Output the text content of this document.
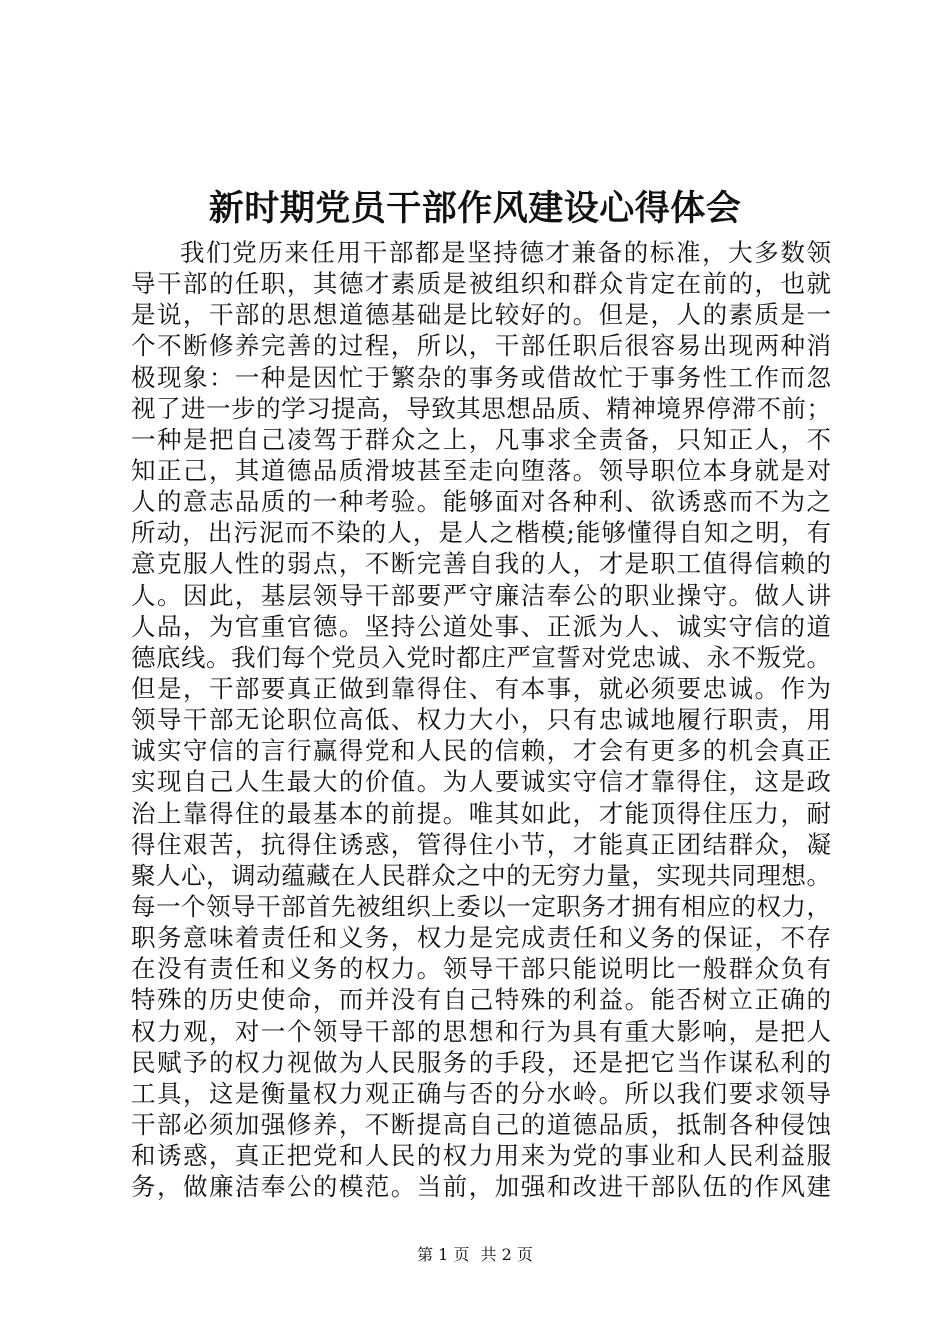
新时期党员干部作风建设心得体会
我们党历来任用干部都是坚持德才兼备的标准，大多数领
导干部的任职，其德才素质是被组织和群众肯定在前的，也就
是说，干部的思想道德基础是比较好的。但是，人的素质是一
个不断修养完善的过程，所以，干部任职后很容易出现两种消
极现象：一种是因忙于繁杂的事务或借故忙于事务性工作而忽
视了进一步的学习提高，导致其思想品质、精神境界停滞不前；
一种是把自己凌驾于群众之上，凡事求全责备，只知正人，不
知正己，其道德品质滑坡甚至走向堕落。领导职位本身就是对
人的意志品质的一种考验。能够面对各种利、欲诱惑而不为之
所动，出污泥而不染的人，是人之楷模;能够懂得自知之明，有
意克服人性的弱点，不断完善自我的人，才是职工值得信赖的
人。因此，基层领导干部要严守廉洁奉公的职业操守。做人讲
人品，为官重官德。坚持公道处事、正派为人、诚实守信的道
德底线。我们每个党员入党时都庄严宣誓对党忠诚、永不叛党。
但是，干部要真正做到靠得住、有本事，就必须要忠诚。作为
领导干部无论职位高低、权力大小，只有忠诚地履行职责，用
诚实守信的言行赢得党和人民的信赖，才会有更多的机会真正
实现自己人生最大的价值。为人要诚实守信才靠得住，这是政
治上靠得住的最基本的前提。唯其如此，才能顶得住压力，耐
得住艰苦，抗得住诱惑，管得住小节，才能真正团结群众，凝
聚人心，调动蕴藏在人民群众之中的无穷力量，实现共同理想。
每一个领导干部首先被组织上委以一定职务才拥有相应的权力，
职务意味着责任和义务，权力是完成责任和义务的保证，不存
在没有责任和义务的权力。领导干部只能说明比一般群众负有
特殊的历史使命，而并没有自己特殊的利益。能否树立正确的
权力观，对一个领导干部的思想和行为具有重大影响，是把人
民赋予的权力视做为人民服务的手段，还是把它当作谋私利的
工具，这是衡量权力观正确与否的分水岭。所以我们要求领导
干部必须加强修养，不断提高自己的道德品质，抵制各种侵蚀
和诱惑，真正把党和人民的权力用来为党的事业和人民利益服
务，做廉洁奉公的模范。当前，加强和改进干部队伍的作风建
第 1 页 共 2 页
